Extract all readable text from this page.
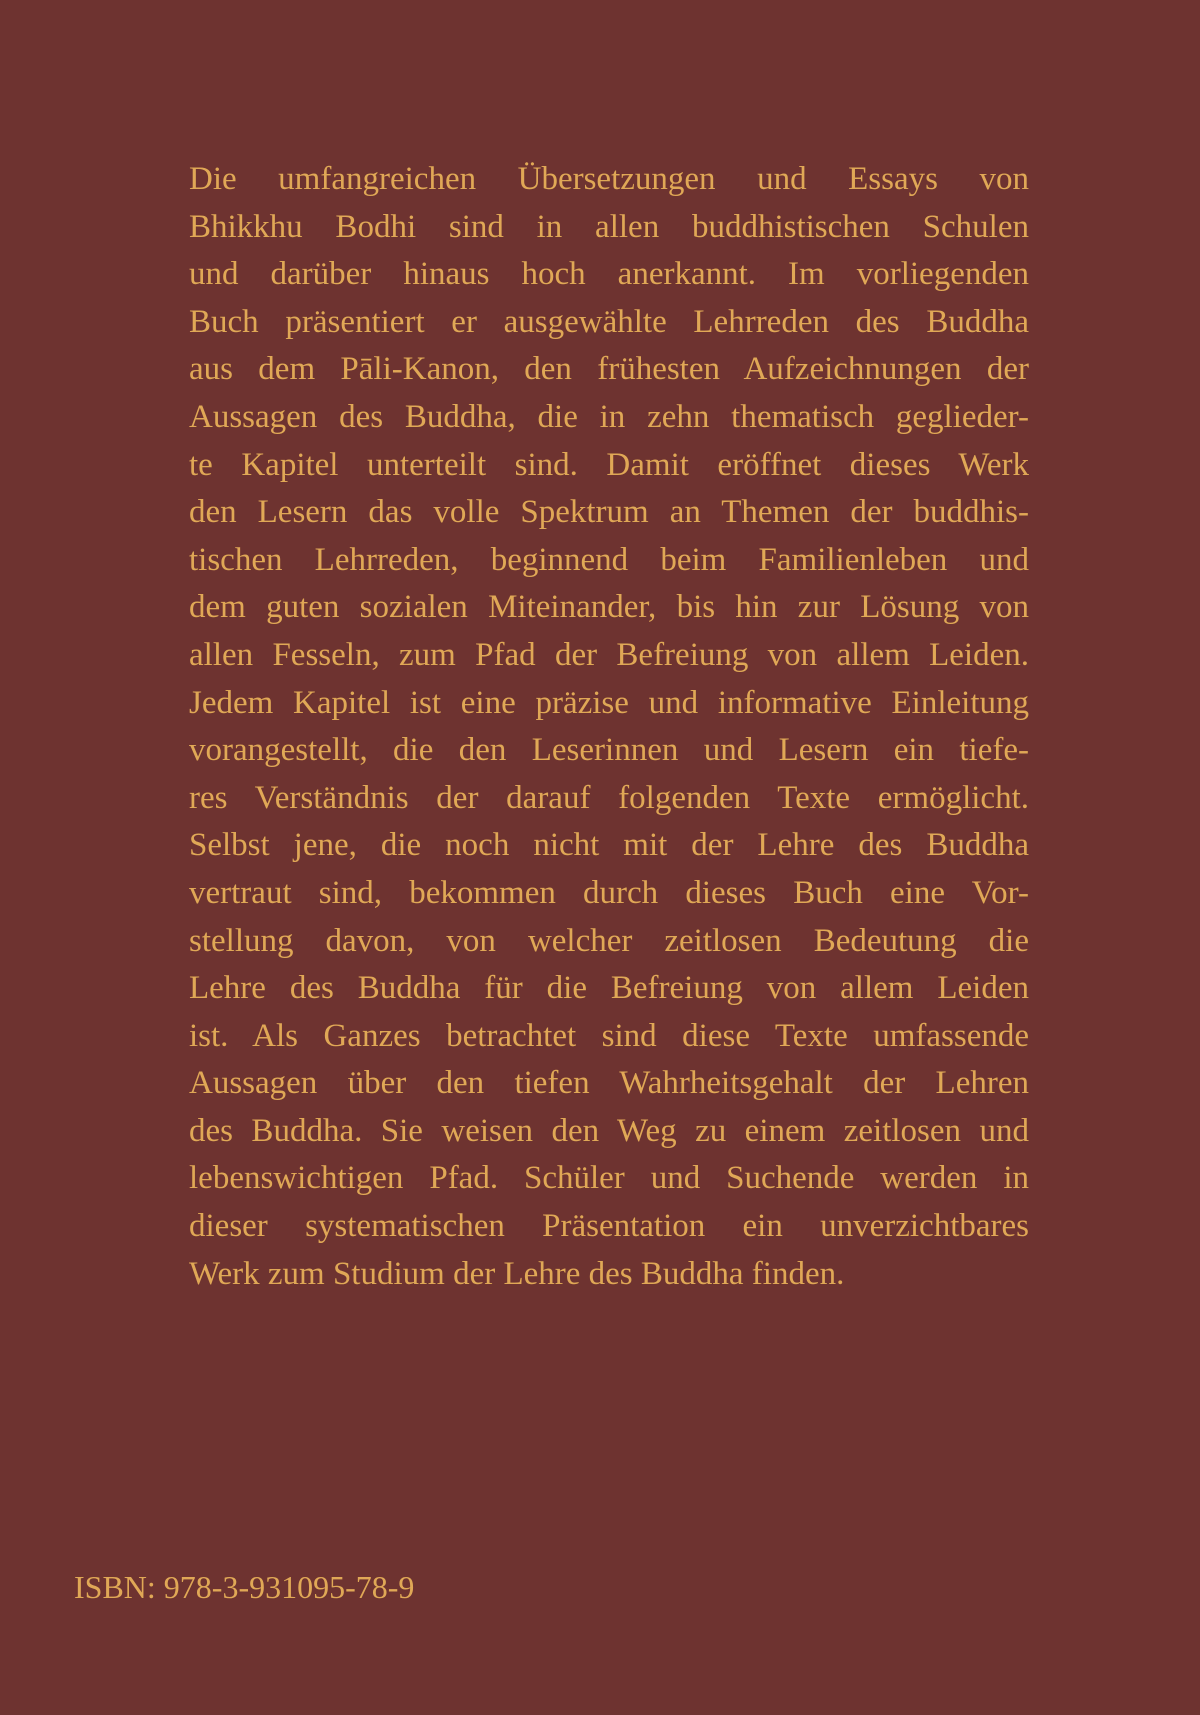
Die umfangreichen Übersetzungen und Essays von
Bhikkhu Bodhi sind in allen buddhistischen Schulen
und darüber hinaus hoch anerkannt. Im vorliegenden
Buch präsentiert er ausgewählte Lehrreden des Buddha
aus dem Pāli-Kanon, den frühesten Aufzeichnungen der
Aussagen des Buddha, die in zehn thematisch geglieder-
te Kapitel unterteilt sind. Damit eröffnet dieses Werk
den Lesern das volle Spektrum an Themen der buddhis-
tischen Lehrreden, beginnend beim Familienleben und
dem guten sozialen Miteinander, bis hin zur Lösung von
allen Fesseln, zum Pfad der Befreiung von allem Leiden.
Jedem Kapitel ist eine präzise und informative Einleitung
vorangestellt, die den Leserinnen und Lesern ein tiefe-
res Verständnis der darauf folgenden Texte ermöglicht.
Selbst jene, die noch nicht mit der Lehre des Buddha
vertraut sind, bekommen durch dieses Buch eine Vor-
stellung davon, von welcher zeitlosen Bedeutung die
Lehre des Buddha für die Befreiung von allem Leiden
ist. Als Ganzes betrachtet sind diese Texte umfassende
Aussagen über den tiefen Wahrheitsgehalt der Lehren
des Buddha. Sie weisen den Weg zu einem zeitlosen und
lebenswichtigen Pfad. Schüler und Suchende werden in
dieser systematischen Präsentation ein unverzichtbares
Werk zum Studium der Lehre des Buddha finden.

ISBN: 978-3-931095-78-9
